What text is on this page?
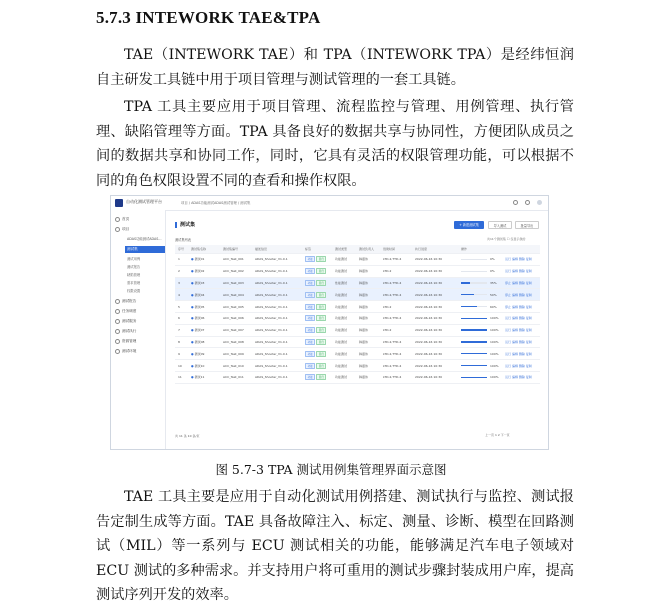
5.7.3 INTEWORK TAE&TPA

TAE（INTEWORK TAE）和 TPA（INTEWORK TPA）是经纬恒润自主研发工具链中用于项目管理与测试管理的一套工具链。

TPA 工具主要应用于项目管理、流程监控与管理、用例管理、执行管理、缺陷管理等方面。TPA 具备良好的数据共享与协同性，方便团队成员之间的数据共享和协同工作，同时，它具有灵活的权限管理功能，可以根据不同的角色权限设置不同的查看和操作权限。

自动化测试管理平台	项目 / ADAS功能测试ADAS测试管理 / 测试集
首页
项目
ADAS功能测试ADAS...
测试集
测试用例
测试报告
缺陷管理
需求管理
权限设置
测试报告
任务调度
测试服务
测试执行
资源管理
测试环境
测试集	+ 新建测试集	导入测试	批量导出
测试集列表	共11个测试集 ☐ 仅显示我的
序号 测试集名称	测试集编号	描述信息	标签	测试类型	测试负责人	创建时间	执行进度	操作
1	● 测试01	ACC_Test_001	ADAS_Shooter_V1.0.1	功能	回归	功能测试	韩嘉伟	LTD-2,TTD-4	2022-06-16 10:30	0%	运行 编辑 删除 复制
2	● 测试02	ACC_Test_002	ADAS_Shooter_V1.0.1	功能	回归	功能测试	韩嘉伟	LTD-2	2022-06-16 10:30	0%	运行 编辑 删除 复制
3	● 测试03	ACC_Test_003	ADAS_Shooter_V1.0.1	功能	回归	性能测试	韩嘉伟	LTD-2,TTD-4	2022-06-16 10:30	35%	停止 编辑 删除 复制
4	● 测试04	ACC_Test_004	ADAS_Shooter_V1.0.1	功能	回归	功能测试	韩嘉伟	LTD-2,TTD-4	2022-06-16 10:30	50%	停止 编辑 删除 复制
5	● 测试05	ACC_Test_005	ADAS_Shooter_V1.0.1	功能	回归	功能测试	韩嘉伟	LTD-2	2022-06-16 10:30	60%	停止 编辑 删除 复制
6	● 测试06	ACC_Test_006	ADAS_Shooter_V1.0.1	功能	回归	功能测试	韩嘉伟	LTD-2,TTD-4	2022-06-16 10:30	100% 运行 编辑 删除 复制
7	● 测试07	ACC_Test_007	ADAS_Shooter_V1.0.1	功能	回归	功能测试	韩嘉伟	LTD-2	2022-06-16 10:30	100% 运行 编辑 删除 复制
8	● 测试08	ACC_Test_008	ADAS_Shooter_V1.0.1	功能	回归	功能测试	韩嘉伟	LTD-2,TTD-4	2022-06-16 10:30	100% 运行 编辑 删除 复制
9	● 测试09	ACC_Test_009	ADAS_Shooter_V1.0.1	功能	回归	功能测试	韩嘉伟	LTD-2,TTD-4	2022-06-16 10:30	100% 运行 编辑 删除 复制
10	● 测试10	ACC_Test_010	ADAS_Shooter_V1.0.1	功能	回归	功能测试	韩嘉伟	LTD-2,TTD-4	2022-06-16 10:30	100% 运行 编辑 删除 复制
11	● 测试11	ACC_Test_011	ADAS_Shooter_V1.0.1	功能	回归	功能测试	韩嘉伟	LTD-2,TTD-4	2022-06-16 10:30	100% 运行 编辑 删除 复制
共 11 条 10 条/页	上一页 1 2 下一页
图 5.7-3 TPA 测试用例集管理界面示意图

TAE 工具主要是应用于自动化测试用例搭建、测试执行与监控、测试报告定制生成等方面。TAE 具备故障注入、标定、测量、诊断、模型在回路测试（MIL）等一系列与 ECU 测试相关的功能，能够满足汽车电子领域对 ECU 测试的多种需求。并支持用户将可重用的测试步骤封装成用户库，提高测试序列开发的效率。
